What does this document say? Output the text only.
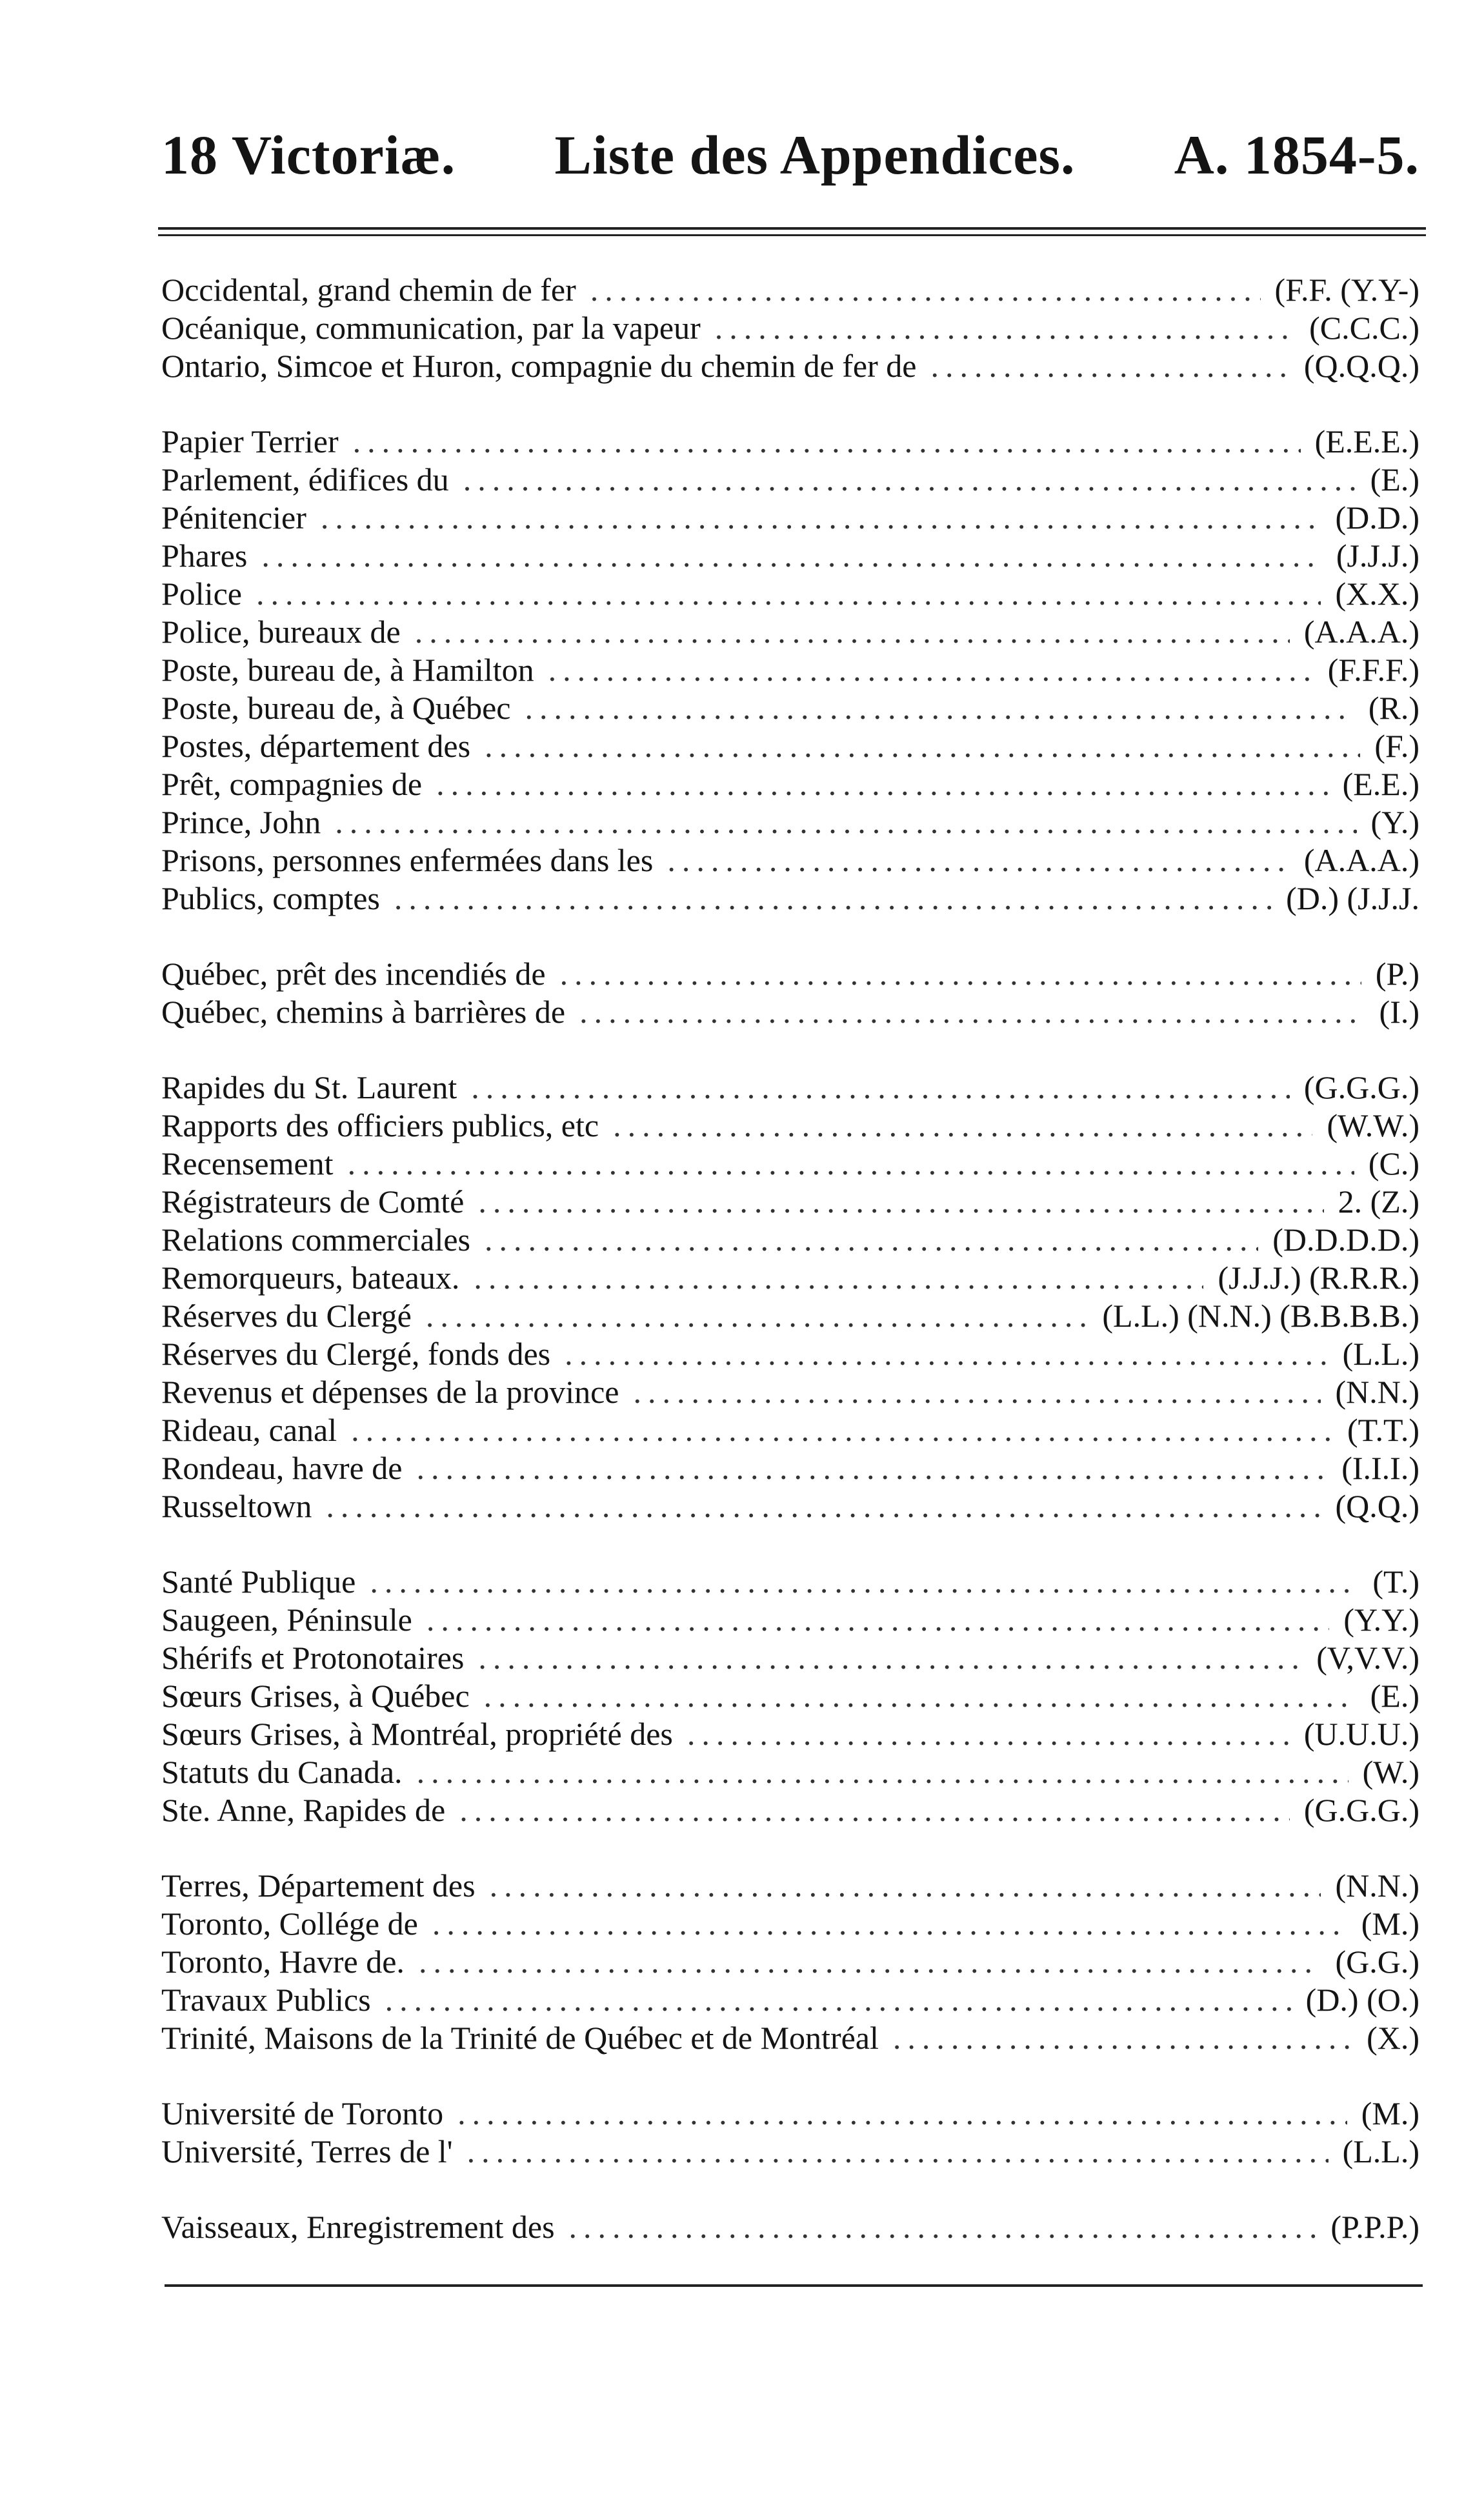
18 Victoriæ. Liste des Appendices. A. 1854-5.
Occidental, grand chemin de fer .....	(F.F. (Y.Y-)
Océanique, communication, par la vapeur .....	(C.C.C.)
Ontario, Simcoe et Huron, compagnie du chemin de fer de .....	(Q.Q.Q.)
Papier Terrier .....	(E.E.E.)
Parlement, édifices du .....	(E.)
Pénitencier .....	(D.D.)
Phares .....	(J.J.J.)
Police .....	(X.X.)
Police, bureaux de .....	(A.A.A.)
Poste, bureau de, à Hamilton .....	(F.F.F.)
Poste, bureau de, à Québec .....	(R.)
Postes, département des .....	(F.)
Prêt, compagnies de .....	(E.E.)
Prince, John .....	(Y.)
Prisons, personnes enfermées dans les .....	(A.A.A.)
Publics, comptes .....	(D.) (J.J.J.
Québec, prêt des incendiés de .....	(P.)
Québec, chemins à barrières de .....	(I.)
Rapides du St. Laurent .....	(G.G.G.)
Rapports des officiers publics, etc .....	(W.W.)
Recensement .....	(C.)
Régistrateurs de Comté .....	2. (Z.)
Relations commerciales .....	(D.D.D.D.)
Remorqueurs, bateaux. .....	(J.J.J.) (R.R.R.)
Réserves du Clergé .....	(L.L.) (N.N.) (B.B.B.B.)
Réserves du Clergé, fonds des .....	(L.L.)
Revenus et dépenses de la province .....	(N.N.)
Rideau, canal .....	(T.T.)
Rondeau, havre de .....	(I.I.I.)
Russeltown .....	(Q.Q.)
Santé Publique .....	(T.)
Saugeen, Péninsule .....	(Y.Y.)
Shérifs et Protonotaires .....	(V,V.V.)
Sœurs Grises, à Québec .....	(E.)
Sœurs Grises, à Montréal, propriété des .....	(U.U.U.)
Statuts du Canada. .....	(W.)
Ste. Anne, Rapides de .....	(G.G.G.)
Terres, Département des .....	(N.N.)
Toronto, Collége de .....	(M.)
Toronto, Havre de. .....	(G.G.)
Travaux Publics .....	(D.) (O.)
Trinité, Maisons de la Trinité de Québec et de Montréal .....	(X.)
Université de Toronto .....	(M.)
Université, Terres de l' .....	(L.L.)
Vaisseaux, Enregistrement des .....	(P.P.P.)
